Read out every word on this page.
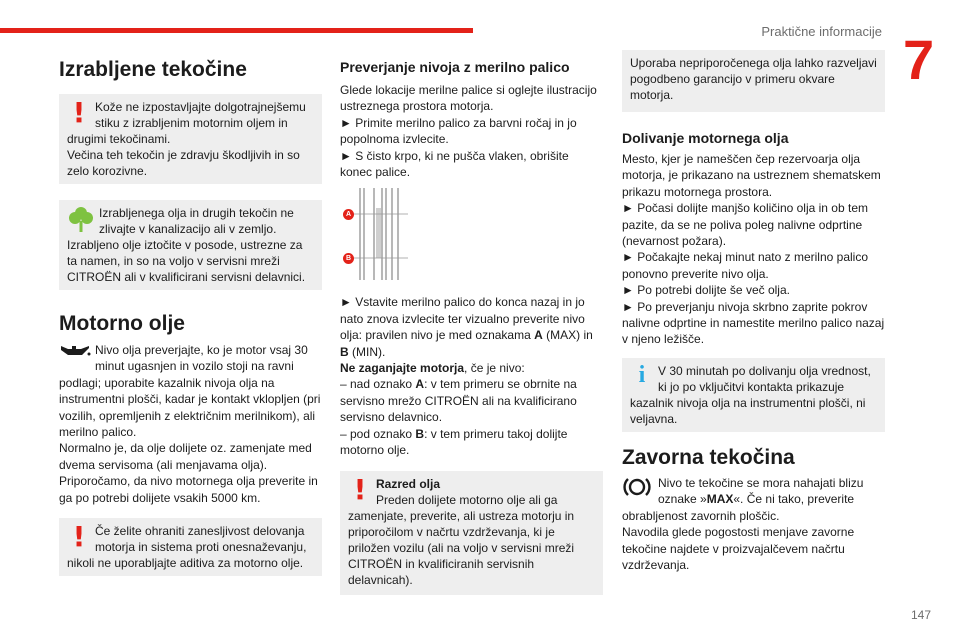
Praktične informacije 7
147
Izrabljene tekočine
! Kože ne izpostavljajte dolgotrajnejšemu

stiku z izrabljenim motornim oljem in

drugimi tekočinami.
Večina teh tekočin je zdravju škodljivih in so zelo korozivne.

Izrabljenega olja in drugih tekočin ne

zlivajte v kanalizacijo ali v zemljo.

Izrabljeno olje iztočite v posode, ustrezne za ta namen, in so na voljo v servisni mreži CITROËN ali v kvalificirani servisni delavnici.

Motorno olje

Nivo olja preverjajte, ko je motor vsaj 30

minut ugasnjen in vozilo stoji na ravni

podlagi; uporabite kazalnik nivoja olja na instrumentni plošči, kadar je kontakt vklopljen (pri vozilih, opremljenih z električnim merilnikom), ali merilno palico.
Normalno je, da olje dolijete oz. zamenjate med dvema servisoma (ali menjavama olja).
Priporočamo, da nivo motornega olja preverite in ga po potrebi dolijete vsakih 5000 km.

! Če želite ohraniti zanesljivost delovanja

motorja in sistema proti onesnaževanju,

nikoli ne uporabljajte aditiva za motorno olje.

Preverjanje nivoja z merilno palico

Glede lokacije merilne palice si oglejte ilustracijo ustreznega prostora motorja.
► Primite merilno palico za barvni ročaj in jo popolnoma izvlecite.
► S čisto krpo, ki ne pušča vlaken, obrišite konec palice.

A
B

► Vstavite merilno palico do konca nazaj in jo nato znova izvlecite ter vizualno preverite nivo olja: pravilen nivo je med oznakama A (MAX) in B (MIN).

Ne zaganjajte motorja, če je nivo:

– nad oznako A: v tem primeru se obrnite na servisno mrežo CITROËN ali na kvalificirano servisno delavnico.

– pod oznako B: v tem primeru takoj dolijte motorno olje.

! Razred olja

Preden dolijete motorno olje ali ga

zamenjate, preverite, ali ustreza motorju in priporočilom v načrtu vzdrževanja, ki je priložen vozilu (ali na voljo v servisni mreži CITROËN in kvalificiranih servisnih delavnicah).

Uporaba nepriporočenega olja lahko razveljavi pogodbeno garancijo v primeru okvare motorja.

Dolivanje motornega olja

Mesto, kjer je nameščen čep rezervoarja olja motorja, je prikazano na ustreznem shematskem prikazu motornega prostora.
► Počasi dolijte manjšo količino olja in ob tem pazite, da se ne poliva poleg nalivne odprtine (nevarnost požara).
► Počakajte nekaj minut nato z merilno palico ponovno preverite nivo olja.
► Po potrebi dolijte še več olja.
► Po preverjanju nivoja skrbno zaprite pokrov nalivne odprtine in namestite merilno palico nazaj v njeno ležišče.

i V 30 minutah po dolivanju olja vrednost,

ki jo po vključitvi kontakta prikazuje

kazalnik nivoja olja na instrumentni plošči, ni veljavna.

Zavorna tekočina

Nivo te tekočine se mora nahajati blizu

oznake »MAX«. Če ni tako, preverite

obrabljenost zavornih ploščic.
Navodila glede pogostosti menjave zavorne tekočine najdete v proizvajalčevem načrtu vzdrževanja.
